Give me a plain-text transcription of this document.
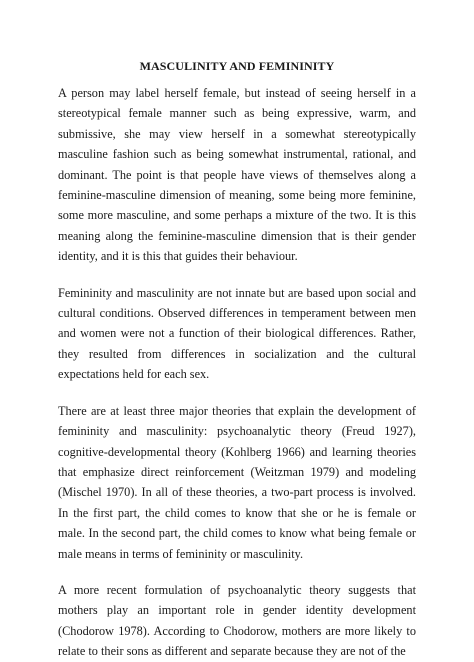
MASCULINITY AND FEMININITY

A person may label herself female, but instead of seeing herself in a stereotypical female manner such as being expressive, warm, and submissive, she may view herself in a somewhat stereotypically masculine fashion such as being somewhat instrumental, rational, and dominant. The point is that people have views of themselves along a feminine-masculine dimension of meaning, some being more feminine, some more masculine, and some perhaps a mixture of the two. It is this meaning along the feminine-masculine dimension that is their gender identity, and it is this that guides their behaviour.

Femininity and masculinity are not innate but are based upon social and cultural conditions. Observed differences in temperament between men and women were not a function of their biological differences. Rather, they resulted from differences in socialization and the cultural expectations held for each sex.

There are at least three major theories that explain the development of femininity and masculinity: psychoanalytic theory (Freud 1927), cognitive-developmental theory (Kohlberg 1966) and learning theories that emphasize direct reinforcement (Weitzman 1979) and modeling (Mischel 1970). In all of these theories, a two-part process is involved. In the first part, the child comes to know that she or he is female or male. In the second part, the child comes to know what being female or male means in terms of femininity or masculinity.

A more recent formulation of psychoanalytic theory suggests that mothers play an important role in gender identity development (Chodorow 1978). According to Chodorow, mothers are more likely to relate to their sons as different and separate because they are not of the
